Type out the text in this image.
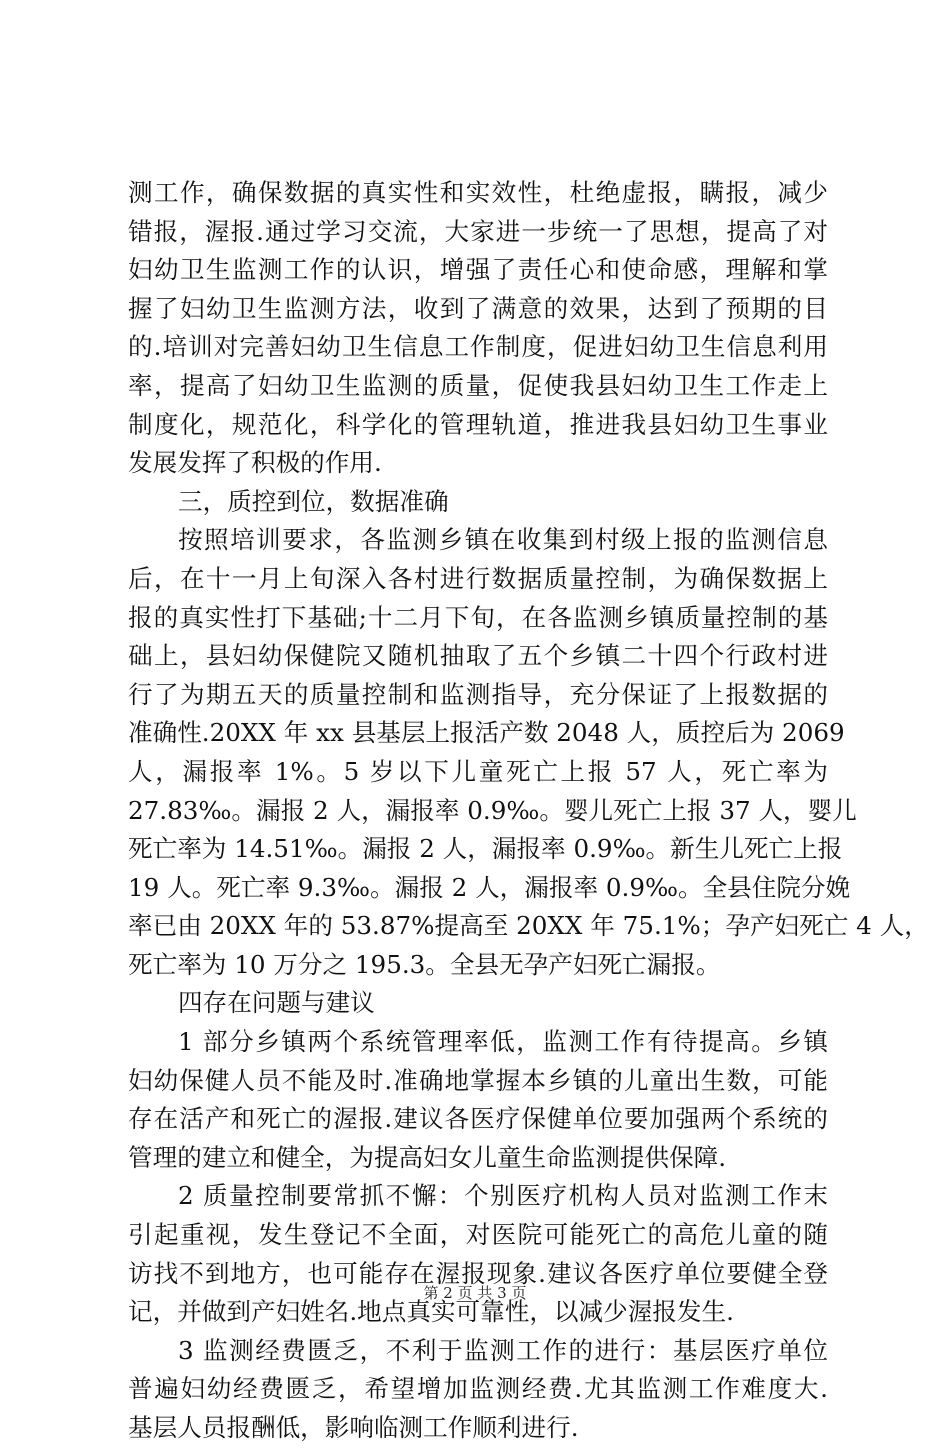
测工作，确保数据的真实性和实效性，杜绝虚报，瞒报，减少
错报，渥报.通过学习交流，大家进一步统一了思想，提高了对
妇幼卫生监测工作的认识，增强了责任心和使命感，理解和掌
握了妇幼卫生监测方法，收到了满意的效果，达到了预期的目
的.培训对完善妇幼卫生信息工作制度，促进妇幼卫生信息利用
率，提高了妇幼卫生监测的质量，促使我县妇幼卫生工作走上
制度化，规范化，科学化的管理轨道，推进我县妇幼卫生事业
发展发挥了积极的作用.
三，质控到位，数据准确
按照培训要求，各监测乡镇在收集到村级上报的监测信息
后，在十一月上旬深入各村进行数据质量控制，为确保数据上
报的真实性打下基础;十二月下旬，在各监测乡镇质量控制的基
础上，县妇幼保健院又随机抽取了五个乡镇二十四个行政村进
行了为期五天的质量控制和监测指导，充分保证了上报数据的
准确性.20XX 年 xx 县基层上报活产数 2048 人，质控后为 2069
人，漏报率 1%。5 岁以下儿童死亡上报 57 人，死亡率为
27.83‰。漏报 2 人，漏报率 0.9‰。婴儿死亡上报 37 人，婴儿
死亡率为 14.51‰。漏报 2 人，漏报率 0.9‰。新生儿死亡上报
19 人。死亡率 9.3‰。漏报 2 人，漏报率 0.9‰。全县住院分娩
率已由 20XX 年的 53.87%提高至 20XX 年 75.1%；孕产妇死亡 4 人，
死亡率为 10 万分之 195.3。全县无孕产妇死亡漏报。
四存在问题与建议
1 部分乡镇两个系统管理率低，监测工作有待提高。乡镇
妇幼保健人员不能及时.准确地掌握本乡镇的儿童出生数，可能
存在活产和死亡的渥报.建议各医疗保健单位要加强两个系统的
管理的建立和健全，为提高妇女儿童生命监测提供保障.
2 质量控制要常抓不懈：个别医疗机构人员对监测工作末
引起重视，发生登记不全面，对医院可能死亡的高危儿童的随
访找不到地方，也可能存在渥报现象.建议各医疗单位要健全登
记，并做到产妇姓名.地点真实可靠性，以减少渥报发生.
3 监测经费匮乏，不利于监测工作的进行：基层医疗单位
普遍妇幼经费匮乏，希望增加监测经费.尤其监测工作难度大.
基层人员报酬低，影响临测工作顺利进行.
第 2 页 共 3 页
